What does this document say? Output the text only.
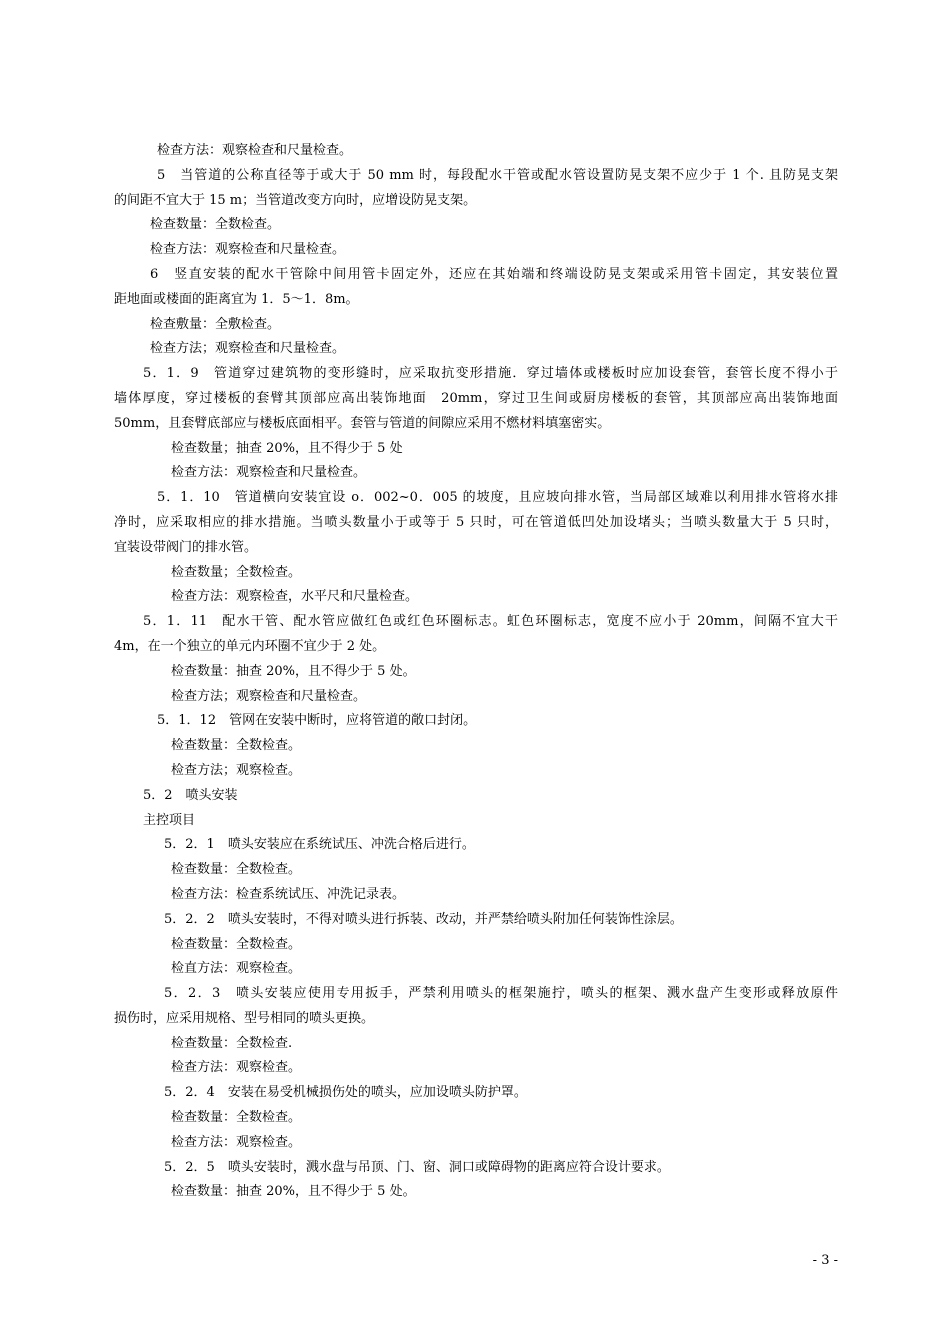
检查方法：观察检查和尺量检查。
5　当管道的公称直径等于或大于 50 mm 时，每段配水干管或配水管设置防晃支架不应少于 1 个. 且防晃支架
的间距不宜大于 15 m；当管道改变方向时，应增设防晃支架。
检查数量：全数检查。
检查方法：观察检查和尺量检查。
6　竖直安装的配水干管除中间用管卡固定外，还应在其始端和终端设防晃支架或采用管卡固定，其安装位置
距地面或楼面的距离宜为 1．5～1．8m。
检查敷量：全敷检查。
检查方法；观察检查和尺量检查。
5．1．9　管道穿过建筑物的变形缝时，应采取抗变形措施．穿过墙体或楼板时应加设套管，套管长度不得小于
墙体厚度，穿过楼板的套臂其顶部应高出装饰地面　20mm，穿过卫生间或厨房楼板的套管，其顶部应高出装饰地面
50mm，且套臂底部应与楼板底面相平。套管与管道的间隙应采用不燃材料填塞密实。
检查数量；抽查 20%，且不得少于 5 处
检查方法：观察检查和尺量检查。
5．1．10　管道横向安装宜设 o．002~0．005 的坡度，且应坡向排水管，当局部区域难以利用排水管将水排
净时，应采取相应的排水措施。当喷头数量小于或等于 5 只时，可在管道低凹处加设堵头；当喷头数量大于 5 只时，
宜装设带阀门的排水管。
检查数量；全数检查。
检查方法：观察检查，水平尺和尺量检查。
5．1．11　配水干管、配水管应做红色或红色环圈标志。虹色环圈标志，宽度不应小于 20mm，间隔不宜大干
4m，在一个独立的单元内环圈不宜少于 2 处。
检查数量：抽查 20%，且不得少于 5 处。
检查方法；观察检查和尺量检查。
5．1．12　管网在安装中断时，应将管道的敞口封闭。
检查数量：全数检查。
检查方法；观察检查。
5．2　喷头安装
主控项目
5．2．1　喷头安装应在系统试压、冲洗合格后进行。
检查数量：全数检查。
检查方法：检查系统试压、冲洗记录表。
5．2．2　喷头安装时，不得对喷头进行拆装、改动，并严禁给喷头附加任何装饰性涂层。
检查数量：全数检查。
检直方法：观察检查。
5．2．3　喷头安装应使用专用扳手，严禁利用喷头的框架施拧，喷头的框架、溅水盘产生变形或释放原件
损伤时，应采用规格、型号相同的喷头更换。
检查数量：全数检查.
检查方法：观察检查。
5．2．4　安装在易受机械损伤处的喷头，应加设喷头防护罩。
检查数量：全数检查。
检查方法：观察检查。
5．2．5　喷头安装时，溅水盘与吊顶、门、窗、洞口或障碍物的距离应符合设计要求。
检查数量：抽查 20%，且不得少于 5 处。
- 3 -
